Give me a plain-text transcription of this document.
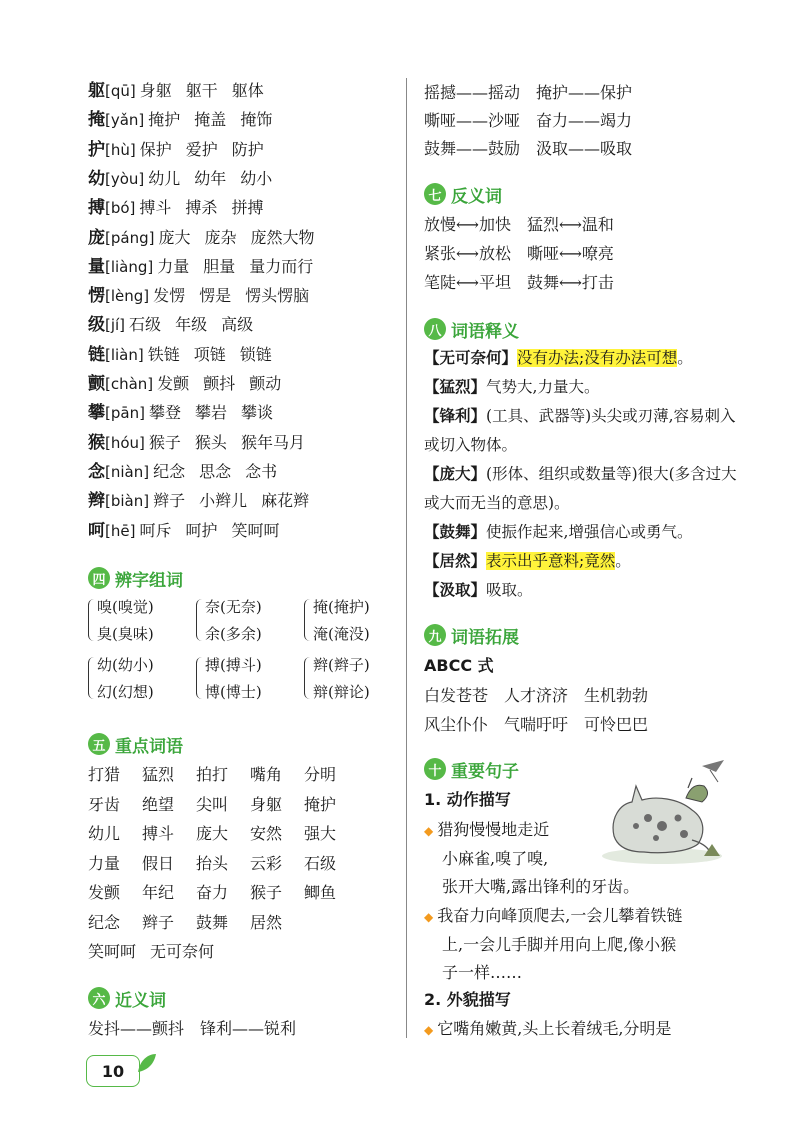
躯[qū] 身躯 躯干 躯体
掩[yǎn] 掩护 掩盖 掩饰
护[hù] 保护 爱护 防护
幼[yòu] 幼儿 幼年 幼小
搏[bó] 搏斗 搏杀 拼搏
庞[páng] 庞大 庞杂 庞然大物
量[liàng] 力量 胆量 量力而行
愣[lèng] 发愣 愣是 愣头愣脑
级[jí] 石级 年级 高级
链[liàn] 铁链 项链 锁链
颤[chàn] 发颤 颤抖 颤动
攀[pān] 攀登 攀岩 攀谈
猴[hóu] 猴子 猴头 猴年马月
念[niàn] 纪念 思念 念书
辫[biàn] 辫子 小辫儿 麻花辫
呵[hē] 呵斥 呵护 笑呵呵
四 辨字组词
嗅(嗅觉)
臭(臭味)
奈(无奈)
余(多余)
掩(掩护)
淹(淹没)
幼(幼小)
幻(幻想)
搏(搏斗)
博(博士)
辫(辫子)
辩(辩论)
五 重点词语
打猎 猛烈 拍打 嘴角 分明
牙齿 绝望 尖叫 身躯 掩护
幼儿 搏斗 庞大 安然 强大
力量 假日 抬头 云彩 石级
发颤 年纪 奋力 猴子 鲫鱼
纪念 辫子 鼓舞 居然
笑呵呵 无可奈何
六 近义词
发抖——颤抖　锋利——锐利
摇撼——摇动　掩护——保护
嘶哑——沙哑　奋力——竭力
鼓舞——鼓励　汲取——吸取
七 反义词
放慢⟷加快　猛烈⟷温和
紧张⟷放松　嘶哑⟷嘹亮
笔陡⟷平坦　鼓舞⟷打击
八 词语释义
【无可奈何】没有办法;没有办法可想。
【猛烈】气势大,力量大。
【锋利】(工具、武器等)头尖或刃薄,容易刺入或切入物体。
【庞大】(形体、组织或数量等)很大(多含过大或大而无当的意思)。
【鼓舞】使振作起来,增强信心或勇气。
【居然】表示出乎意料;竟然。
【汲取】吸取。
九 词语拓展
ABCC 式
白发苍苍　人才济济　生机勃勃
风尘仆仆　气喘吁吁　可怜巴巴
十 重要句子
1. 动作描写
◆ 猎狗慢慢地走近
小麻雀,嗅了嗅,
张开大嘴,露出锋利的牙齿。
◆ 我奋力向峰顶爬去,一会儿攀着铁链
上,一会儿手脚并用向上爬,像小猴
子一样……
2. 外貌描写
◆ 它嘴角嫩黄,头上长着绒毛,分明是
10
